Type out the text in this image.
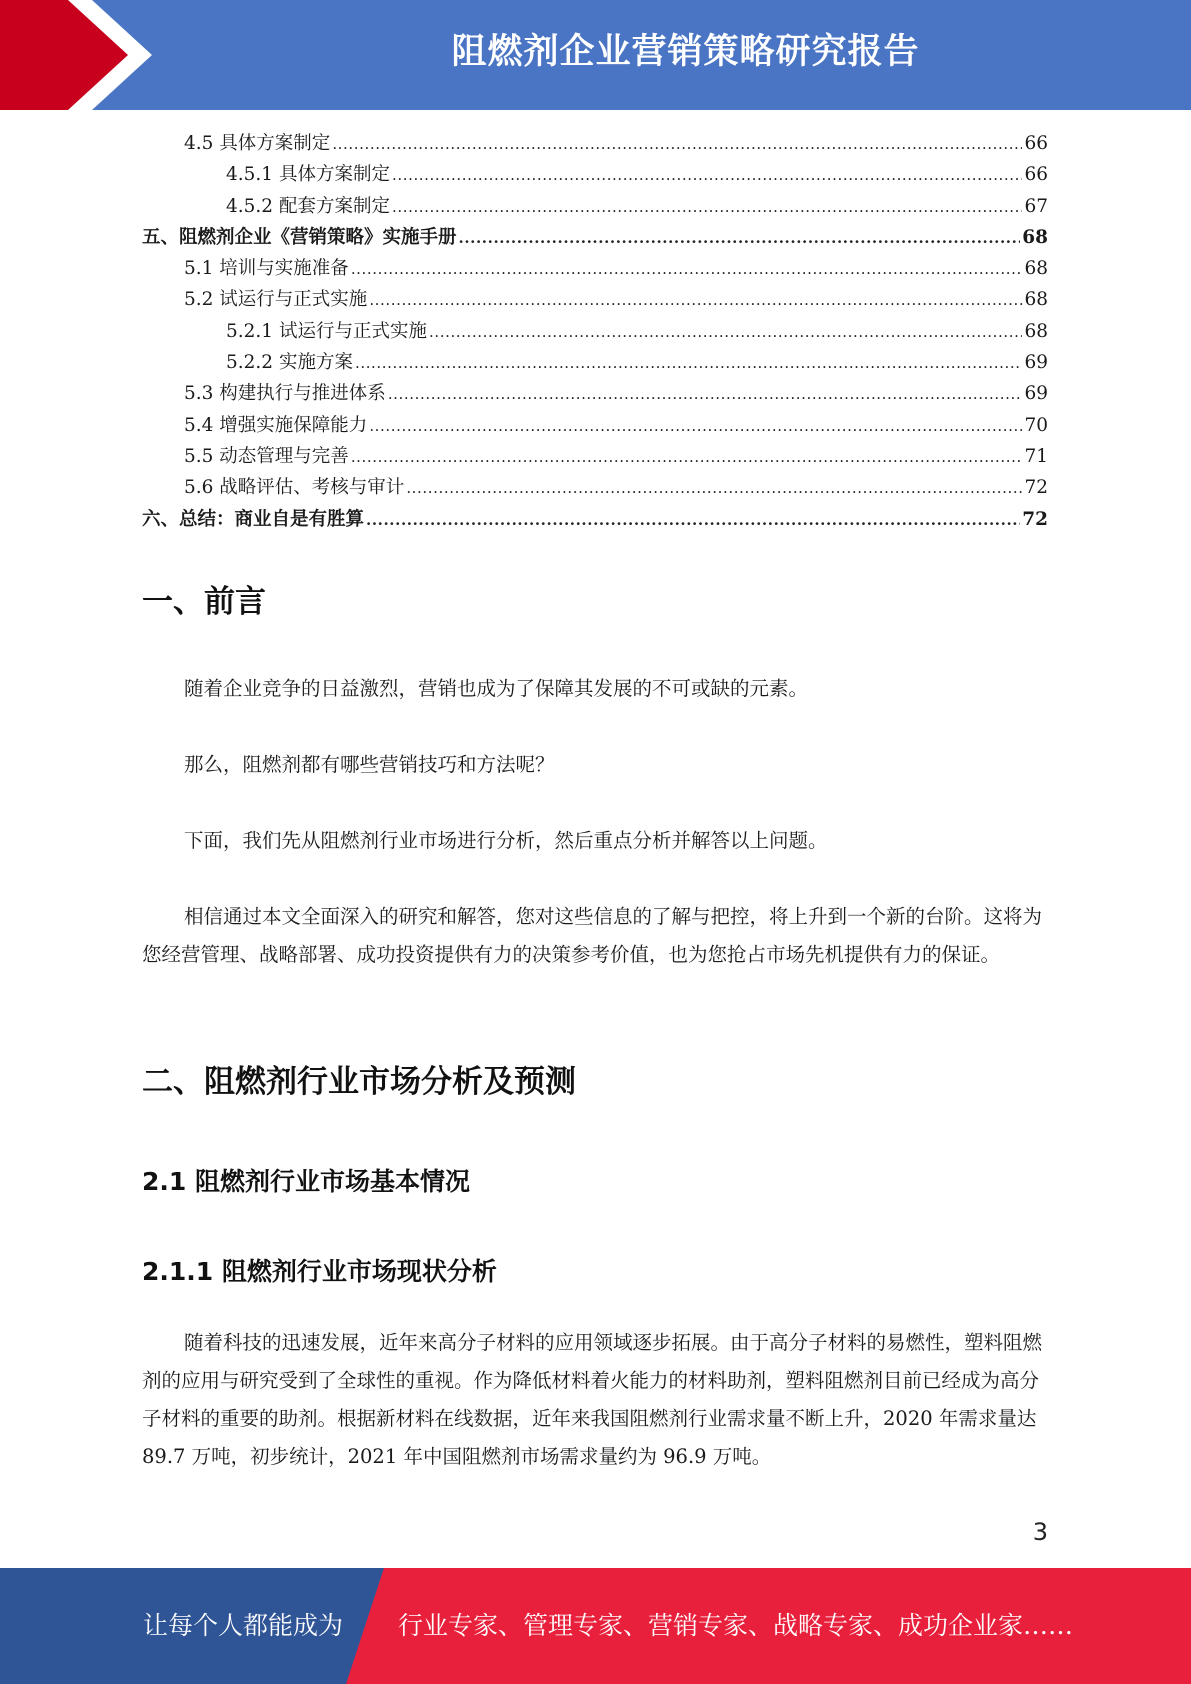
阻燃剂企业营销策略研究报告
4.5 具体方案制定 .....	66
4.5.1 具体方案制定 .....	66
4.5.2 配套方案制定 .....	67
五、阻燃剂企业《营销策略》实施手册 .....	68
5.1 培训与实施准备 .....	68
5.2 试运行与正式实施 .....	68
5.2.1 试运行与正式实施 .....	68
5.2.2 实施方案 .....	69
5.3 构建执行与推进体系 .....	69
5.4 增强实施保障能力 .....	70
5.5 动态管理与完善 .....	71
5.6 战略评估、考核与审计 .....	72
六、总结：商业自是有胜算 .....	72
一、前言
随着企业竞争的日益激烈，营销也成为了保障其发展的不可或缺的元素。
那么，阻燃剂都有哪些营销技巧和方法呢？
下面，我们先从阻燃剂行业市场进行分析，然后重点分析并解答以上问题。
相信通过本文全面深入的研究和解答，您对这些信息的了解与把控，将上升到一个新的台阶。这将为您经营管理、战略部署、成功投资提供有力的决策参考价值，也为您抢占市场先机提供有力的保证。
二、阻燃剂行业市场分析及预测
2.1 阻燃剂行业市场基本情况
2.1.1 阻燃剂行业市场现状分析
随着科技的迅速发展，近年来高分子材料的应用领域逐步拓展。由于高分子材料的易燃性，塑料阻燃剂的应用与研究受到了全球性的重视。作为降低材料着火能力的材料助剂，塑料阻燃剂目前已经成为高分子材料的重要的助剂。根据新材料在线数据，近年来我国阻燃剂行业需求量不断上升，2020 年需求量达 89.7 万吨，初步统计，2021 年中国阻燃剂市场需求量约为 96.9 万吨。
3
让每个人都能成为 行业专家、管理专家、营销专家、战略专家、成功企业家……
